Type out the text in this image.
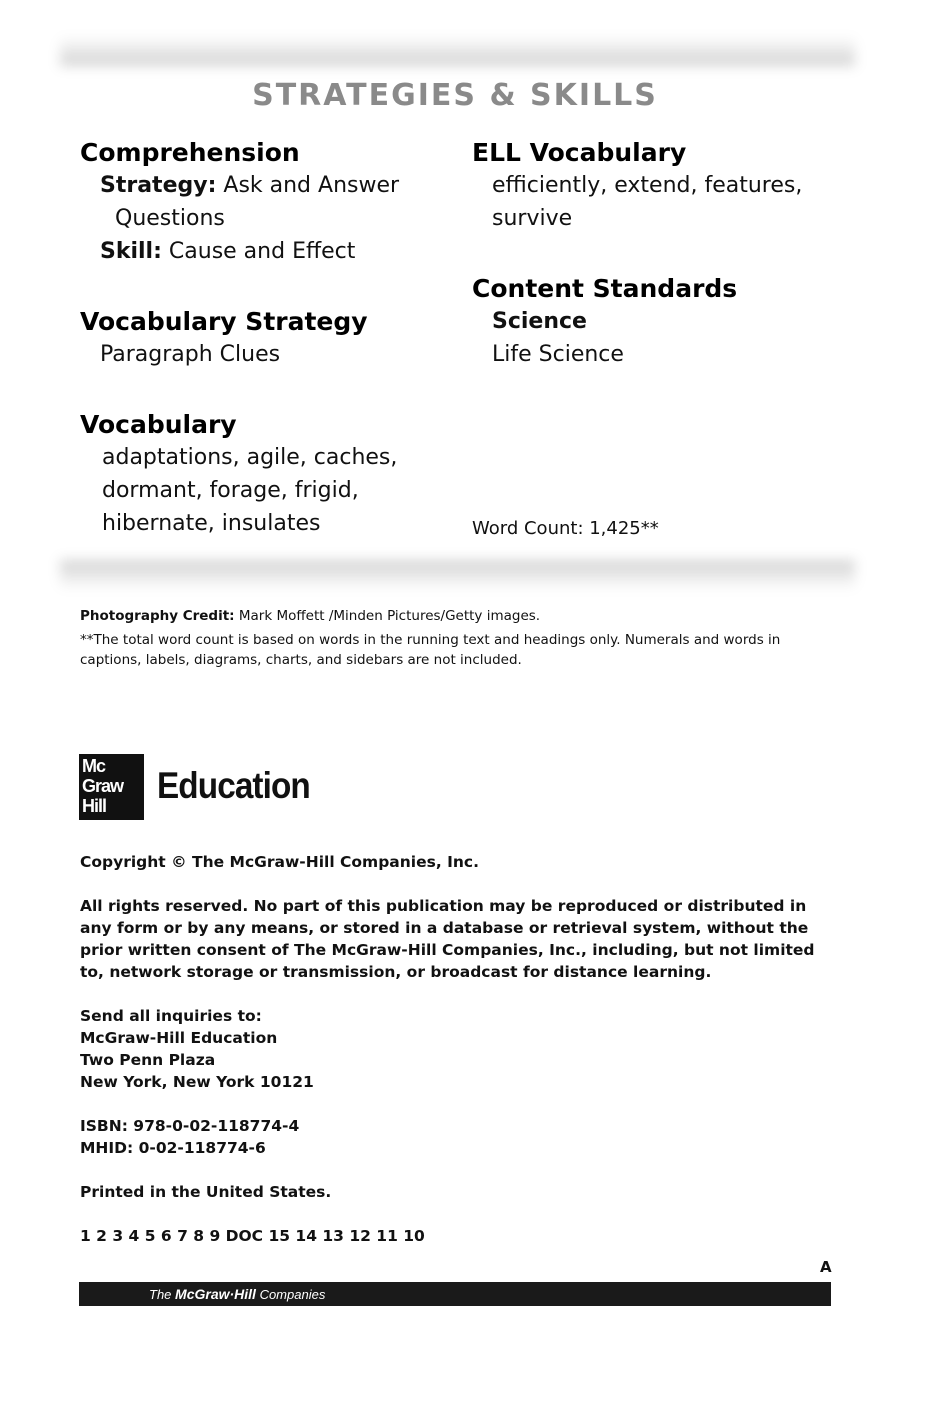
STRATEGIES & SKILLS
Comprehension
Strategy: Ask and Answer
Questions
Skill: Cause and Effect
Vocabulary Strategy
Paragraph Clues
Vocabulary
adaptations, agile, caches,
dormant, forage, frigid,
hibernate, insulates
ELL Vocabulary
efficiently, extend, features,
survive
Content Standards
Science
Life Science
Word Count: 1,425**
Photography Credit: Mark Moffett /Minden Pictures/Getty images.
**The total word count is based on words in the running text and headings only. Numerals and words in captions, labels, diagrams, charts, and sidebars are not included.
Mc
Graw
Hill	Education
Copyright © The McGraw-Hill Companies, Inc.
All rights reserved. No part of this publication may be reproduced or distributed in any form or by any means, or stored in a database or retrieval system, without the prior written consent of The McGraw-Hill Companies, Inc., including, but not limited to, network storage or transmission, or broadcast for distance learning.
Send all inquiries to:
McGraw-Hill Education
Two Penn Plaza
New York, New York 10121
ISBN: 978-0-02-118774-4
MHID: 0-02-118774-6
Printed in the United States.
1 2 3 4 5 6 7 8 9 DOC 15 14 13 12 11 10
A
The McGraw·Hill Companies
